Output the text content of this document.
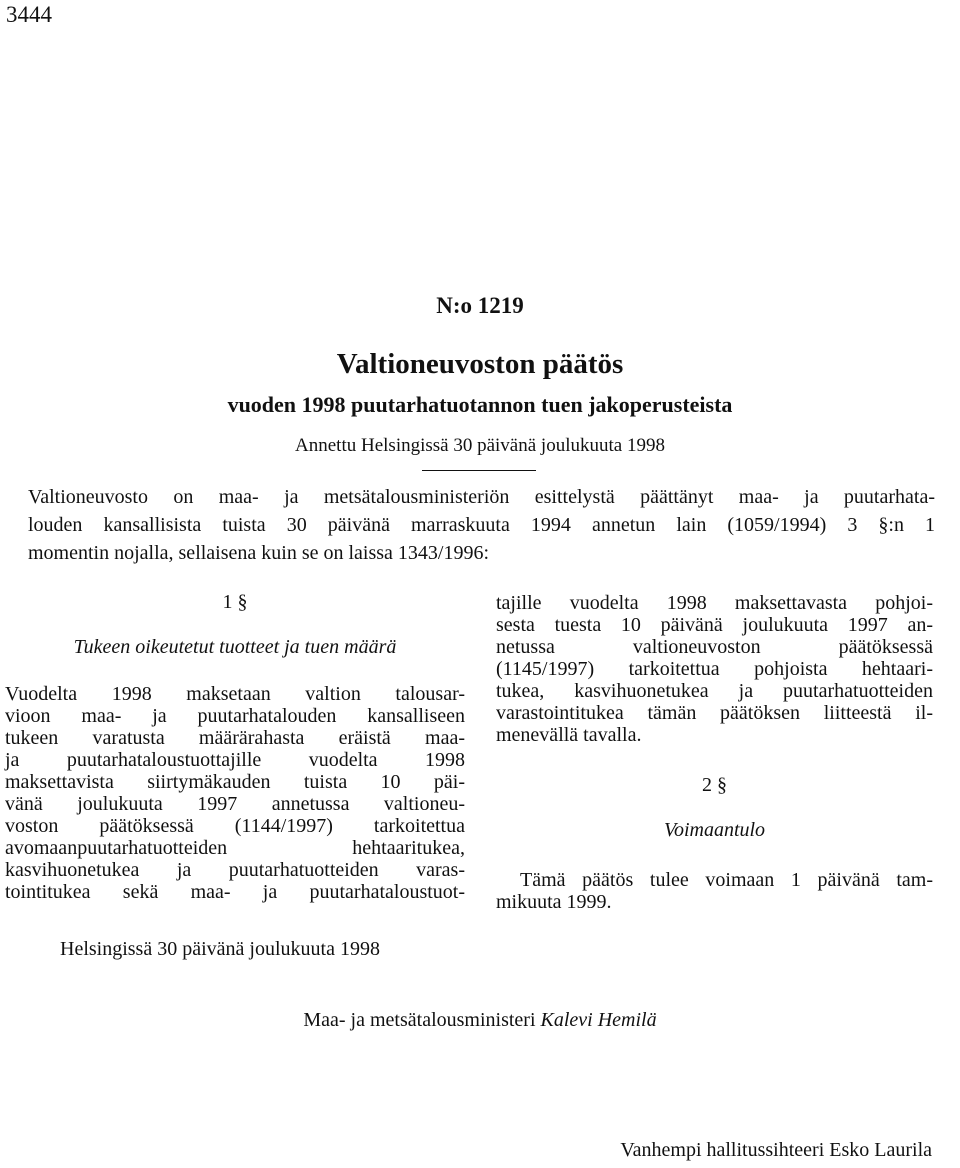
3444
N:o 1219
Valtioneuvoston päätös
vuoden 1998 puutarhatuotannon tuen jakoperusteista
Annettu Helsingissä 30 päivänä joulukuuta 1998
Valtioneuvosto on maa- ja metsätalousministeriön esittelystä päättänyt maa- ja puutarhata-
louden kansallisista tuista 30 päivänä marraskuuta 1994 annetun lain (1059/1994) 3 §:n 1
momentin nojalla, sellaisena kuin se on laissa 1343/1996:
1 §
Tukeen oikeutetut tuotteet ja tuen määrä
Vuodelta 1998 maksetaan valtion talousar-
vioon maa- ja puutarhatalouden kansalliseen
tukeen varatusta määrärahasta eräistä maa-
ja puutarhataloustuottajille vuodelta 1998
maksettavista siirtymäkauden tuista 10 päi-
vänä joulukuuta 1997 annetussa valtioneu-
voston päätöksessä (1144/1997) tarkoitettua
avomaanpuutarhatuotteiden hehtaaritukea,
kasvihuonetukea ja puutarhatuotteiden varas-
tointitukea sekä maa- ja puutarhataloustuot-
tajille vuodelta 1998 maksettavasta pohjoi-
sesta tuesta 10 päivänä joulukuuta 1997 an-
netussa valtioneuvoston päätöksessä
(1145/1997) tarkoitettua pohjoista hehtaari-
tukea, kasvihuonetukea ja puutarhatuotteiden
varastointitukea tämän päätöksen liitteestä il-
menevällä tavalla.
2 §
Voimaantulo
Tämä päätös tulee voimaan 1 päivänä tam-
mikuuta 1999.
Helsingissä 30 päivänä joulukuuta 1998
Maa- ja metsätalousministeri Kalevi Hemilä
Vanhempi hallitussihteeri Esko Laurila
